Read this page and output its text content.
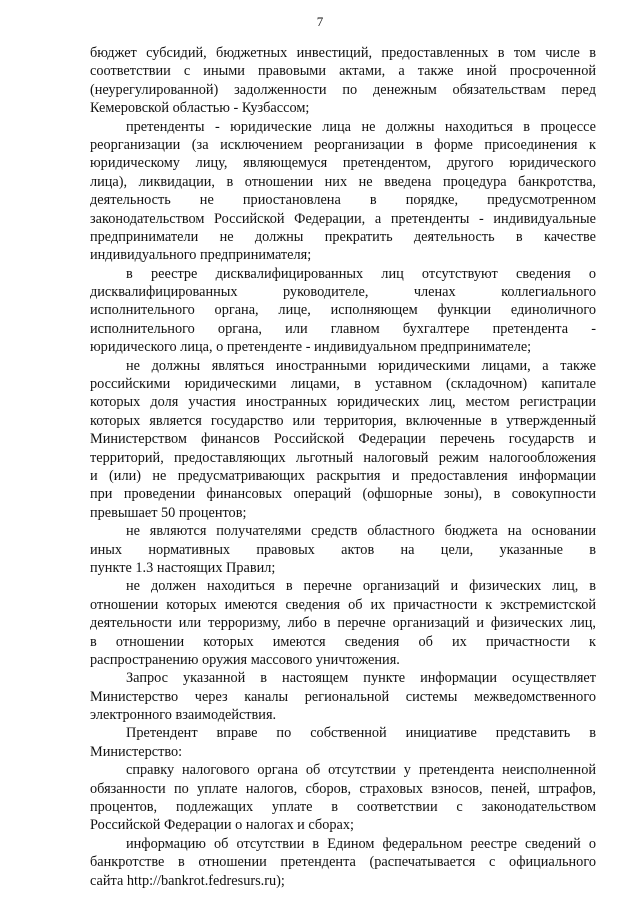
7
бюджет субсидий, бюджетных инвестиций, предоставленных в том числе в
соответствии с иными правовыми актами, а также иной просроченной
(неурегулированной) задолженности по денежным обязательствам перед
Кемеровской областью - Кузбассом;
претенденты - юридические лица не должны находиться в процессе
реорганизации (за исключением реорганизации в форме присоединения к
юридическому лицу, являющемуся претендентом, другого юридического
лица), ликвидации, в отношении них не введена процедура банкротства,
деятельность не приостановлена в порядке, предусмотренном
законодательством Российской Федерации, а претенденты - индивидуальные
предприниматели не должны прекратить деятельность в качестве
индивидуального предпринимателя;
в реестре дисквалифицированных лиц отсутствуют сведения о
дисквалифицированных руководителе, членах коллегиального
исполнительного органа, лице, исполняющем функции единоличного
исполнительного органа, или главном бухгалтере претендента -
юридического лица, о претенденте - индивидуальном предпринимателе;
не должны являться иностранными юридическими лицами, а также
российскими юридическими лицами, в уставном (складочном) капитале
которых доля участия иностранных юридических лиц, местом регистрации
которых является государство или территория, включенные в утвержденный
Министерством финансов Российской Федерации перечень государств и
территорий, предоставляющих льготный налоговый режим налогообложения
и (или) не предусматривающих раскрытия и предоставления информации
при проведении финансовых операций (офшорные зоны), в совокупности
превышает 50 процентов;
не являются получателями средств областного бюджета на основании
иных нормативных правовых актов на цели, указанные в
пункте 1.3 настоящих Правил;
не должен находиться в перечне организаций и физических лиц, в
отношении которых имеются сведения об их причастности к экстремистской
деятельности или терроризму, либо в перечне организаций и физических лиц,
в отношении которых имеются сведения об их причастности к
распространению оружия массового уничтожения.
Запрос указанной в настоящем пункте информации осуществляет
Министерство через каналы региональной системы межведомственного
электронного взаимодействия.
Претендент вправе по собственной инициативе представить в
Министерство:
справку налогового органа об отсутствии у претендента неисполненной
обязанности по уплате налогов, сборов, страховых взносов, пеней, штрафов,
процентов, подлежащих уплате в соответствии с законодательством
Российской Федерации о налогах и сборах;
информацию об отсутствии в Едином федеральном реестре сведений о
банкротстве в отношении претендента (распечатывается с официального
сайта http://bankrot.fedresurs.ru);
